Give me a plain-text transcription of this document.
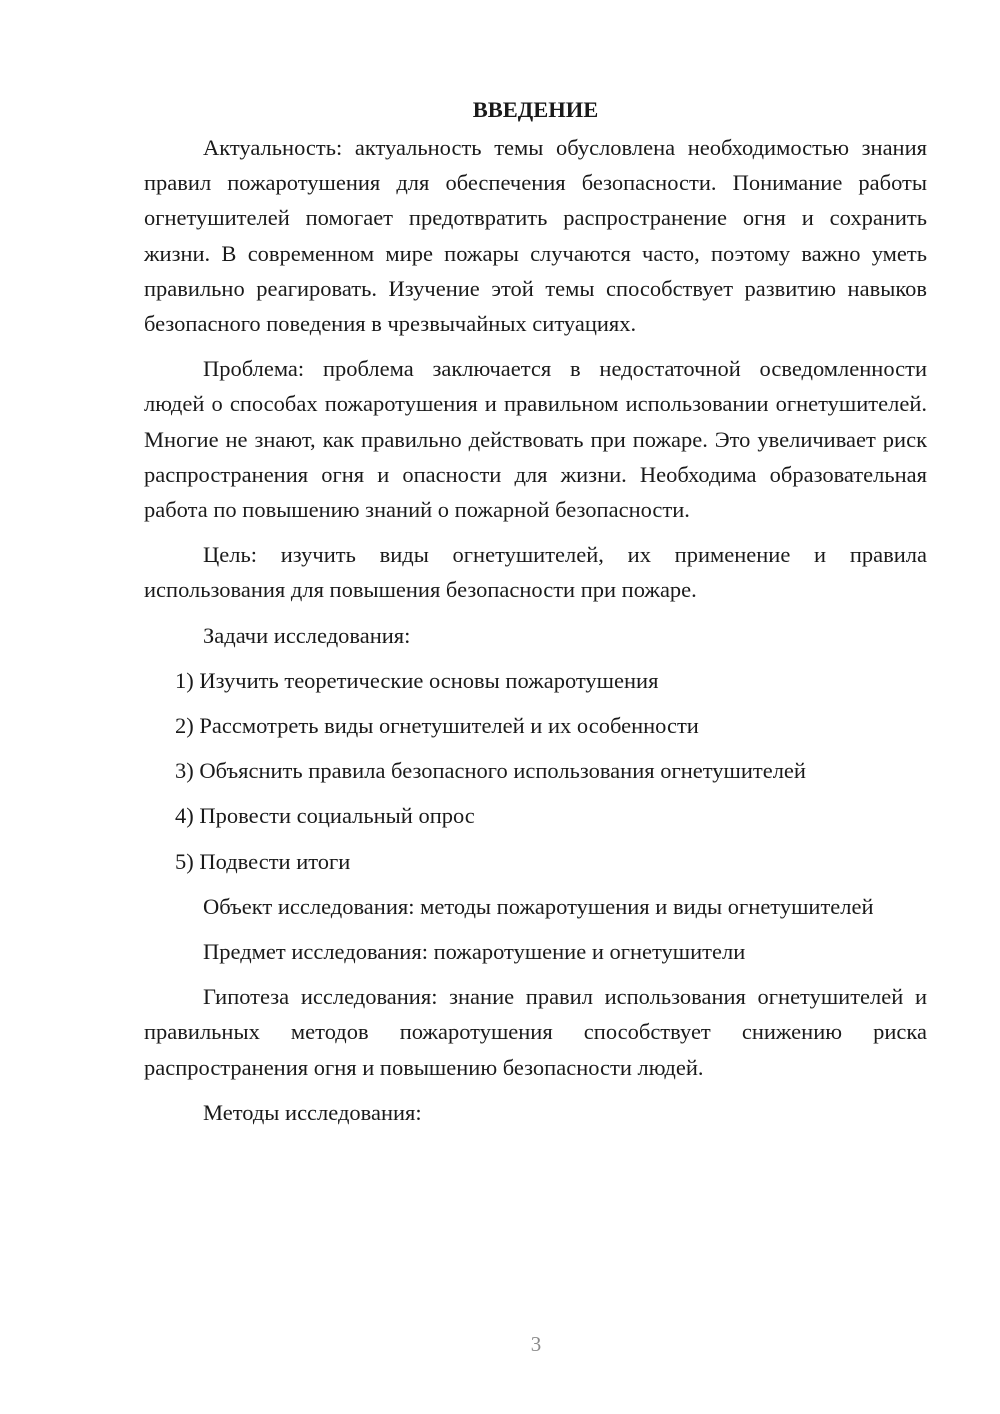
ВВЕДЕНИЕ

Актуальность: актуальность темы обусловлена необходимостью знания правил пожаротушения для обеспечения безопасности. Понимание работы огнетушителей помогает предотвратить распространение огня и сохранить жизни. В современном мире пожары случаются часто, поэтому важно уметь правильно реагировать. Изучение этой темы способствует развитию навыков безопасного поведения в чрезвычайных ситуациях.

Проблема: проблема заключается в недостаточной осведомленности людей о способах пожаротушения и правильном использовании огнетушителей. Многие не знают, как правильно действовать при пожаре. Это увеличивает риск распространения огня и опасности для жизни. Необходима образовательная работа по повышению знаний о пожарной безопасности.

Цель: изучить виды огнетушителей, их применение и правила использования для повышения безопасности при пожаре.

Задачи исследования:

1) Изучить теоретические основы пожаротушения
2) Рассмотреть виды огнетушителей и их особенности
3) Объяснить правила безопасного использования огнетушителей
4) Провести социальный опрос
5) Подвести итоги

Объект исследования: методы пожаротушения и виды огнетушителей

Предмет исследования: пожаротушение и огнетушители

Гипотеза исследования: знание правил использования огнетушителей и правильных методов пожаротушения способствует снижению риска распространения огня и повышению безопасности людей.

Методы исследования:

3
